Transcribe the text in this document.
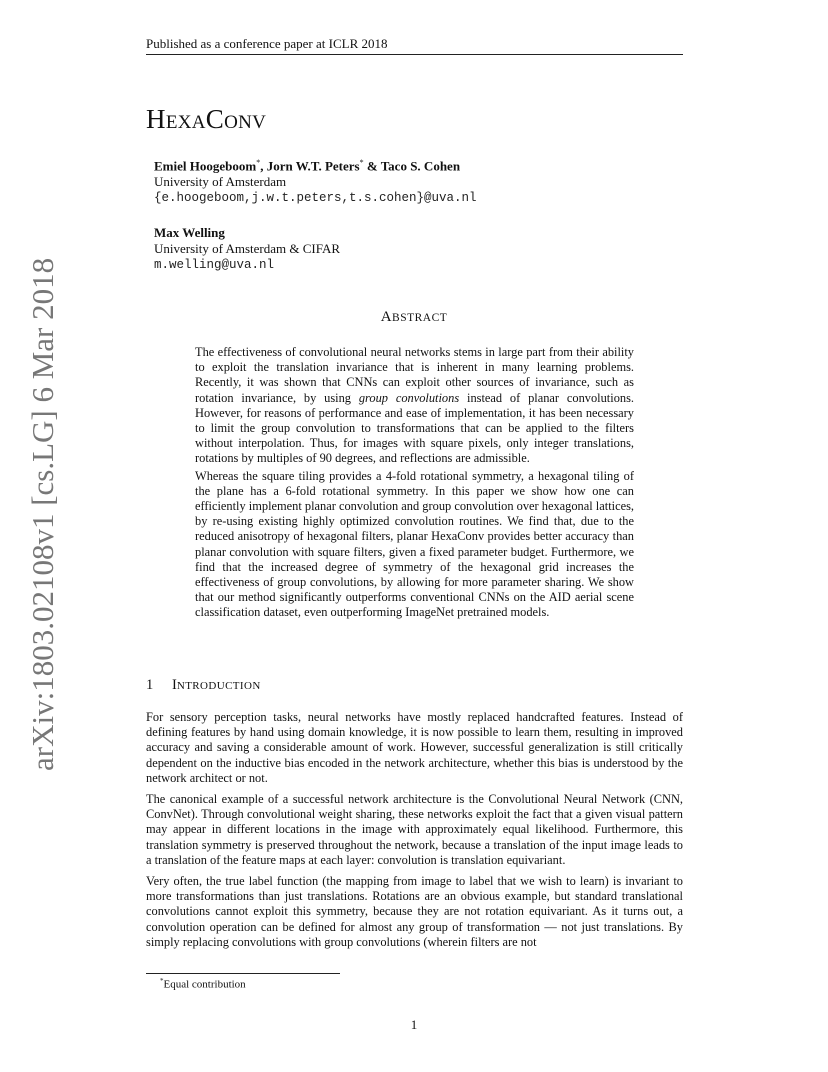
Published as a conference paper at ICLR 2018
arXiv:1803.02108v1 [cs.LG] 6 Mar 2018
HEXACONV
Emiel Hoogeboom*, Jorn W.T. Peters* & Taco S. Cohen
University of Amsterdam
{e.hoogeboom,j.w.t.peters,t.s.cohen}@uva.nl
Max Welling
University of Amsterdam & CIFAR
m.welling@uva.nl
ABSTRACT

The effectiveness of convolutional neural networks stems in large part from their ability to exploit the translation invariance that is inherent in many learning problems. Recently, it was shown that CNNs can exploit other sources of invariance, such as rotation invariance, by using group convolutions instead of planar convolutions. However, for reasons of performance and ease of implementation, it has been necessary to limit the group convolution to transformations that can be applied to the filters without interpolation. Thus, for images with square pixels, only integer translations, rotations by multiples of 90 degrees, and reflections are admissible.

Whereas the square tiling provides a 4-fold rotational symmetry, a hexagonal tiling of the plane has a 6-fold rotational symmetry. In this paper we show how one can efficiently implement planar convolution and group convolution over hexagonal lattices, by re-using existing highly optimized convolution routines. We find that, due to the reduced anisotropy of hexagonal filters, planar HexaConv provides better accuracy than planar convolution with square filters, given a fixed parameter budget. Furthermore, we find that the increased degree of symmetry of the hexagonal grid increases the effectiveness of group convolutions, by allowing for more parameter sharing. We show that our method significantly outperforms conventional CNNs on the AID aerial scene classification dataset, even outperforming ImageNet pretrained models.

1 INTRODUCTION

For sensory perception tasks, neural networks have mostly replaced handcrafted features. Instead of defining features by hand using domain knowledge, it is now possible to learn them, resulting in improved accuracy and saving a considerable amount of work. However, successful generalization is still critically dependent on the inductive bias encoded in the network architecture, whether this bias is understood by the network architect or not.

The canonical example of a successful network architecture is the Convolutional Neural Network (CNN, ConvNet). Through convolutional weight sharing, these networks exploit the fact that a given visual pattern may appear in different locations in the image with approximately equal likelihood. Furthermore, this translation symmetry is preserved throughout the network, because a translation of the input image leads to a translation of the feature maps at each layer: convolution is translation equivariant.

Very often, the true label function (the mapping from image to label that we wish to learn) is invariant to more transformations than just translations. Rotations are an obvious example, but standard translational convolutions cannot exploit this symmetry, because they are not rotation equivariant. As it turns out, a convolution operation can be defined for almost any group of transformation — not just translations. By simply replacing convolutions with group convolutions (wherein filters are not

*Equal contribution
1
